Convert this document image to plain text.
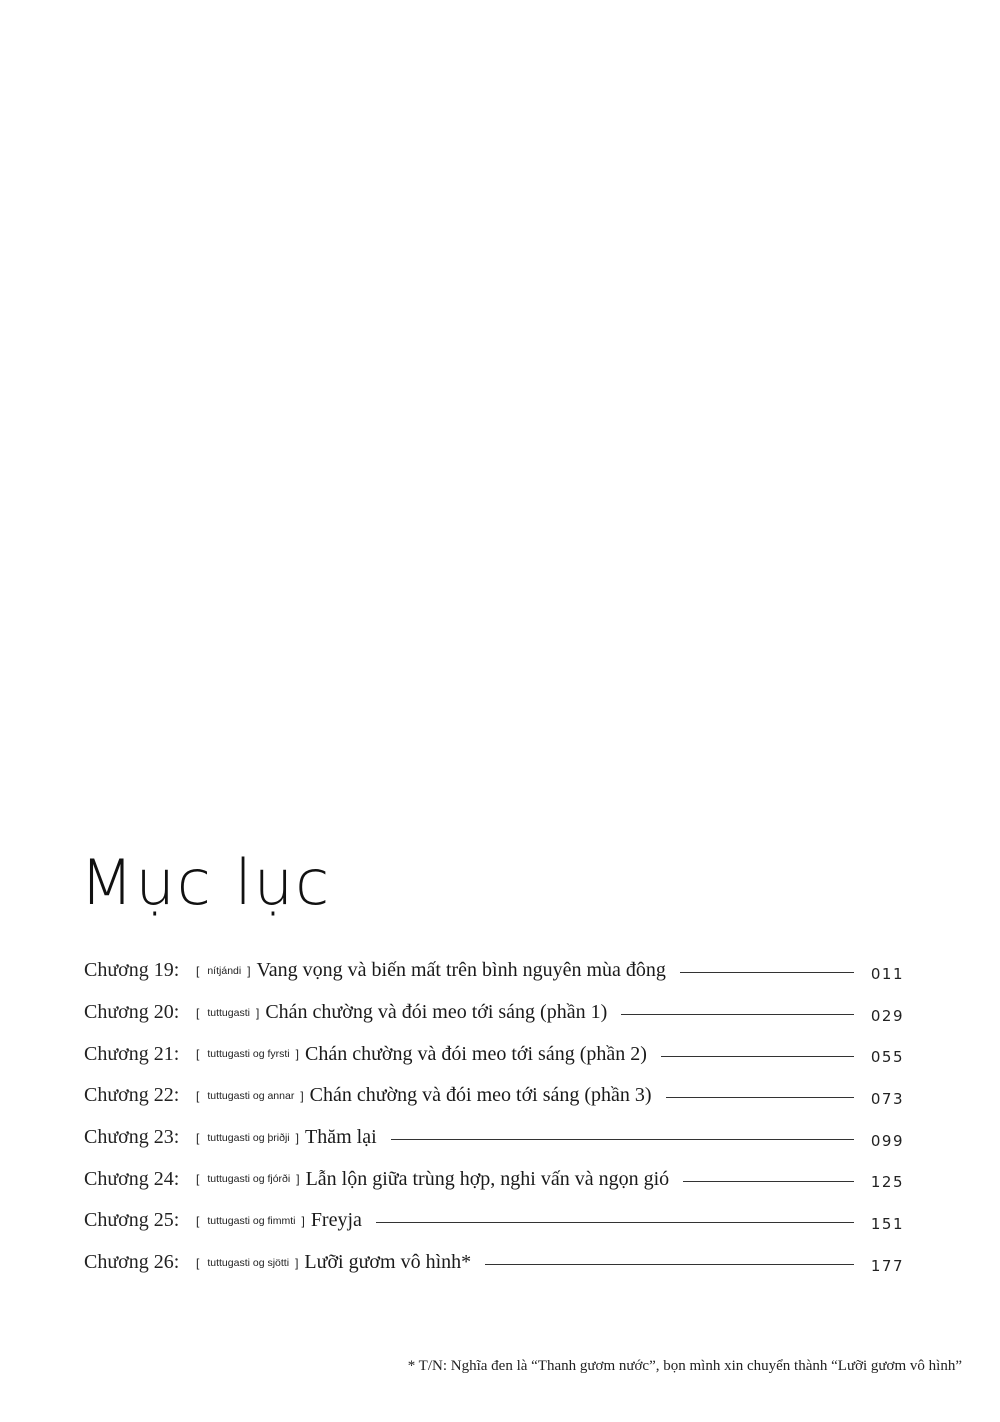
Mục lục
Chương 19:	[ nítjándi ] Vang vọng và biến mất trên bình nguyên mùa đông	011
Chương 20:	[ tuttugasti ] Chán chường và đói meo tới sáng (phần 1)	029
Chương 21:	[ tuttugasti og fyrsti ] Chán chường và đói meo tới sáng (phần 2)	055
Chương 22:	[ tuttugasti og annar ] Chán chường và đói meo tới sáng (phần 3)	073
Chương 23:	[ tuttugasti og þriðji ] Thăm lại	099
Chương 24:	[ tuttugasti og fjórði ] Lẫn lộn giữa trùng hợp, nghi vấn và ngọn gió	125
Chương 25:	[ tuttugasti og fimmti ] Freyja	151
Chương 26:	[ tuttugasti og sjötti ] Lưỡi gươm vô hình*	177

* T/N: Nghĩa đen là “Thanh gươm nước”, bọn mình xin chuyển thành “Lưỡi gươm vô hình”
